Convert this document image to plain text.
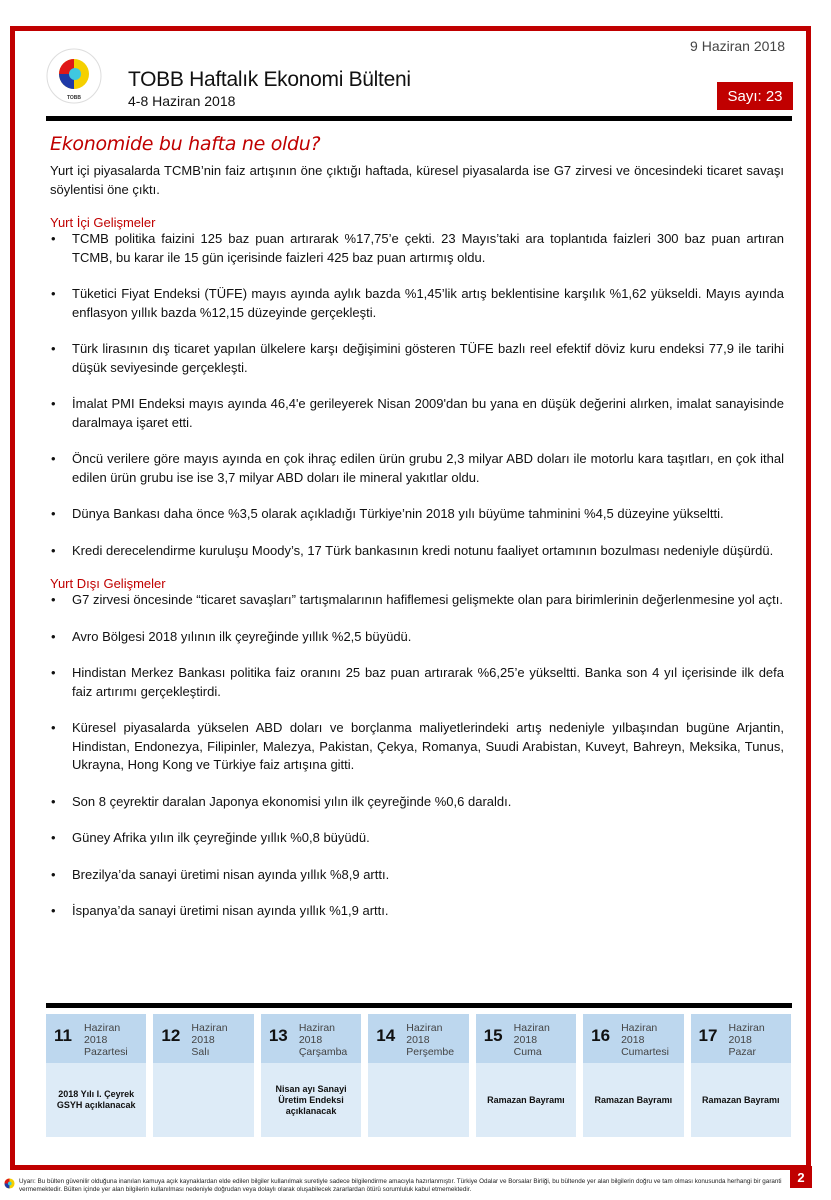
TOBB
TOBB Haftalık Ekonomi Bülteni
4-8 Haziran 2018
9 Haziran 2018
Sayı: 23
Ekonomide bu hafta ne oldu?

Yurt içi piyasalarda TCMB’nin faiz artışının öne çıktığı haftada, küresel piyasalarda ise G7 zirvesi ve öncesindeki ticaret savaşı söylentisi öne çıktı.

Yurt İçi Gelişmeler
• TCMB politika faizini 125 baz puan artırarak %17,75’e çekti. 23 Mayıs’taki ara toplantıda faizleri 300 baz puan artıran TCMB, bu karar ile 15 gün içerisinde faizleri 425 baz puan artırmış oldu.
• Tüketici Fiyat Endeksi (TÜFE) mayıs ayında aylık bazda %1,45’lik artış beklentisine karşılık %1,62 yükseldi. Mayıs ayında enflasyon yıllık bazda %12,15 düzeyinde gerçekleşti.
• Türk lirasının dış ticaret yapılan ülkelere karşı değişimini gösteren TÜFE bazlı reel efektif döviz kuru endeksi 77,9 ile tarihi düşük seviyesinde gerçekleşti.
• İmalat PMI Endeksi mayıs ayında 46,4'e gerileyerek Nisan 2009'dan bu yana en düşük değerini alırken, imalat sanayisinde daralmaya işaret etti.
• Öncü verilere göre mayıs ayında en çok ihraç edilen ürün grubu 2,3 milyar ABD doları ile motorlu kara taşıtları, en çok ithal edilen ürün grubu ise ise 3,7 milyar ABD doları ile mineral yakıtlar oldu.
• Dünya Bankası daha önce %3,5 olarak açıkladığı Türkiye’nin 2018 yılı büyüme tahminini %4,5 düzeyine yükseltti.
• Kredi derecelendirme kuruluşu Moody’s, 17 Türk bankasının kredi notunu faaliyet ortamının bozulması nedeniyle düşürdü.
Yurt Dışı Gelişmeler
• G7 zirvesi öncesinde “ticaret savaşları” tartışmalarının hafiflemesi gelişmekte olan para birimlerinin değerlenmesine yol açtı.
• Avro Bölgesi 2018 yılının ilk çeyreğinde yıllık %2,5 büyüdü.
• Hindistan Merkez Bankası politika faiz oranını 25 baz puan artırarak %6,25’e yükseltti. Banka son 4 yıl içerisinde ilk defa faiz artırımı gerçekleştirdi.
• Küresel piyasalarda yükselen ABD doları ve borçlanma maliyetlerindeki artış nedeniyle yılbaşından bugüne Arjantin, Hindistan, Endonezya, Filipinler, Malezya, Pakistan, Çekya, Romanya, Suudi Arabistan, Kuveyt, Bahreyn, Meksika, Tunus, Ukrayna, Hong Kong ve Türkiye faiz artışına gitti.
• Son 8 çeyrektir daralan Japonya ekonomisi yılın ilk çeyreğinde %0,6 daraldı.
• Güney Afrika yılın ilk çeyreğinde yıllık %0,8 büyüdü.
• Brezilya’da sanayi üretimi nisan ayında yıllık %8,9 arttı.
• İspanya’da sanayi üretimi nisan ayında yıllık %1,9 arttı.
11	Haziran 2018
Pazartesi
2018 Yılı I. Çeyrek GSYH açıklanacak
12	Haziran 2018
Salı
13	Haziran 2018
Çarşamba
Nisan ayı Sanayi Üretim Endeksi açıklanacak
14	Haziran 2018
Perşembe
15	Haziran 2018
Cuma
Ramazan Bayramı
16	Haziran 2018
Cumartesi
Ramazan Bayramı
17	Haziran 2018
Pazar
Ramazan Bayramı
Uyarı: Bu bülten güvenilir olduğuna inanılan kamuya açık kaynaklardan elde edilen bilgiler kullanılmak suretiyle sadece bilgilendirme amacıyla hazırlanmıştır. Türkiye Odalar ve Borsalar Birliği, bu bültende yer alan bilgilerin doğru ve tam olması konusunda herhangi bir garanti vermemektedir. Bülten içinde yer alan bilgilerin kullanılması nedeniyle doğrudan veya dolaylı olarak oluşabilecek zararlardan ötürü sorumluluk kabul etmemektedir.
2
